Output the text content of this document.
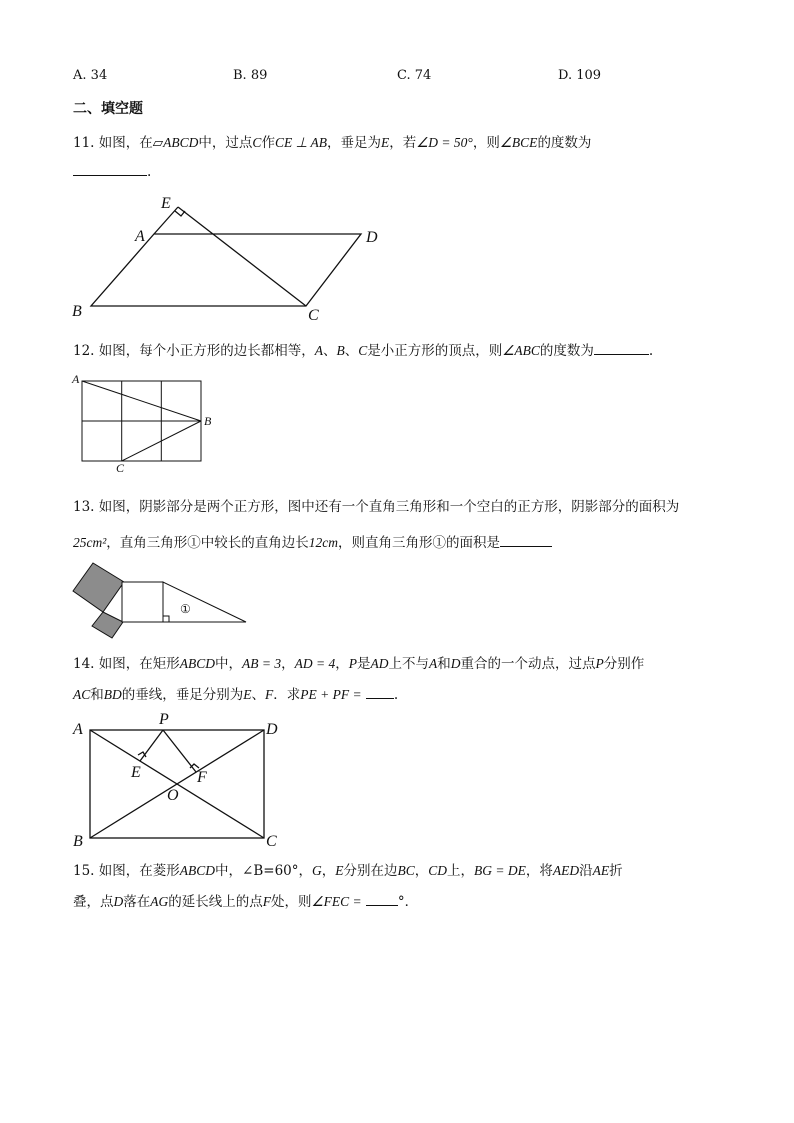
A. 34	B. 89	C. 74	D. 109
二、填空题
11. 如图，在▱ABCD中，过点C作CE ⊥ AB，垂足为E，若∠D = 50°，则∠BCE的度数为
.
E
A	D
B	C
12. 如图，每个小正方形的边长都相等，A、B、C是小正方形的顶点，则∠ABC的度数为	.
A
B
C
13. 如图，阴影部分是两个正方形，图中还有一个直角三角形和一个空白的正方形，阴影部分的面积为
25cm²，直角三角形①中较长的直角边长12cm，则直角三角形①的面积是
①
14. 如图，在矩形ABCD中，AB = 3，AD = 4，P是AD上不与A和D重合的一个动点，过点P分别作
AC和BD的垂线，垂足分别为E、F．求PE + PF = .
A
P
D
E	F
O
B	C
15. 如图，在菱形ABCD中，∠B=60°，G，E分别在边BC，CD上，BG = DE，将AED沿AE折
叠，点D落在AG的延长线上的点F处，则∠FEC =	°．
